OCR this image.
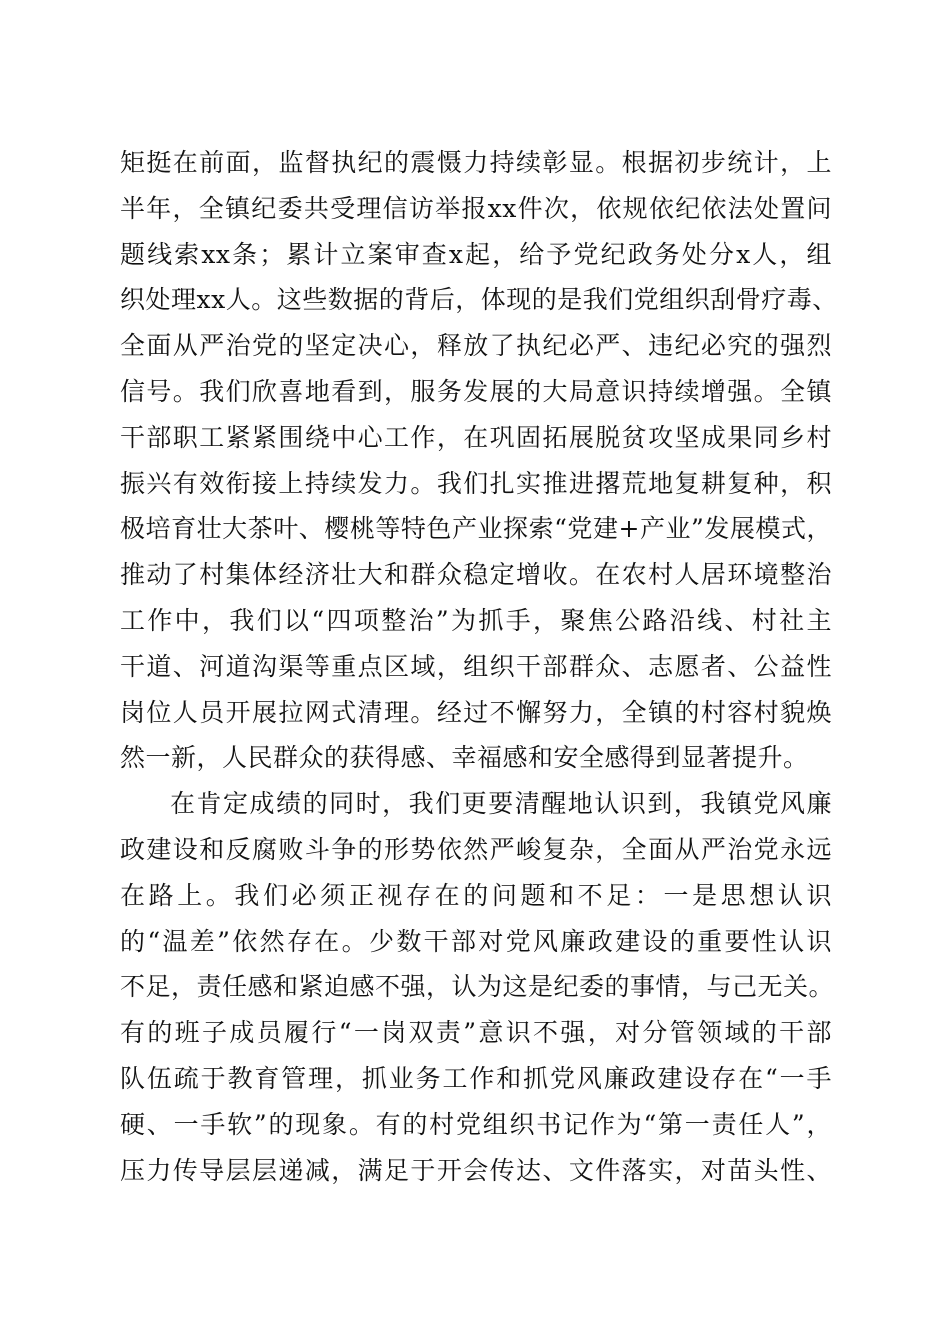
矩挺在前面，监督执纪的震慑力持续彰显。根据初步统计，上
半年，全镇纪委共受理信访举报xx件次，依规依纪依法处置问
题线索xx条；累计立案审查x起，给予党纪政务处分x人，组
织处理xx人。这些数据的背后，体现的是我们党组织刮骨疗毒、
全面从严治党的坚定决心，释放了执纪必严、违纪必究的强烈
信号。我们欣喜地看到，服务发展的大局意识持续增强。全镇
干部职工紧紧围绕中心工作，在巩固拓展脱贫攻坚成果同乡村
振兴有效衔接上持续发力。我们扎实推进撂荒地复耕复种，积
极培育壮大茶叶、樱桃等特色产业探索“党建+产业”发展模式，
推动了村集体经济壮大和群众稳定增收。在农村人居环境整治
工作中，我们以“四项整治”为抓手，聚焦公路沿线、村社主
干道、河道沟渠等重点区域，组织干部群众、志愿者、公益性
岗位人员开展拉网式清理。经过不懈努力，全镇的村容村貌焕
然一新，人民群众的获得感、幸福感和安全感得到显著提升。
在肯定成绩的同时，我们更要清醒地认识到，我镇党风廉
政建设和反腐败斗争的形势依然严峻复杂，全面从严治党永远
在路上。我们必须正视存在的问题和不足：一是思想认识
的“温差”依然存在。少数干部对党风廉政建设的重要性认识
不足，责任感和紧迫感不强，认为这是纪委的事情，与己无关。
有的班子成员履行“一岗双责”意识不强，对分管领域的干部
队伍疏于教育管理，抓业务工作和抓党风廉政建设存在“一手
硬、一手软”的现象。有的村党组织书记作为“第一责任人”，
压力传导层层递减，满足于开会传达、文件落实，对苗头性、
